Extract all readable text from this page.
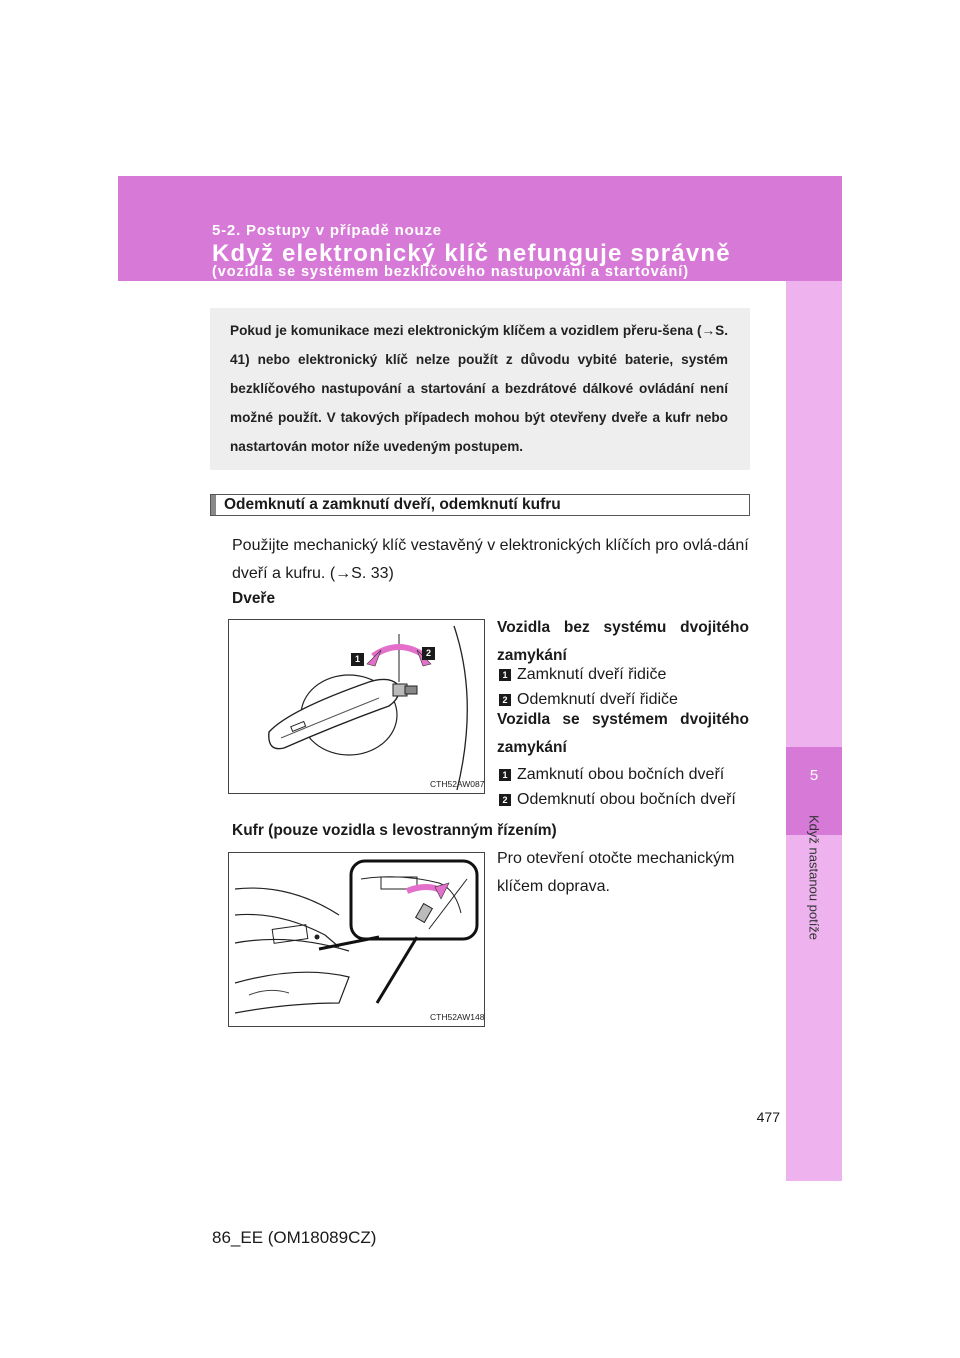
5-2. Postupy v případě nouze
Když elektronický klíč nefunguje správně
(vozidla se systémem bezklíčového nastupování a startování)
5
Když nastanou potíže
Pokud je komunikace mezi elektronickým klíčem a vozidlem přeru-šena (→S. 41) nebo elektronický klíč nelze použít z důvodu vybité baterie, systém bezklíčového nastupování a startování a bezdrátové dálkové ovládání není možné použít. V takových případech mohou být otevřeny dveře a kufr nebo nastartován motor níže uvedeným postupem.
Odemknutí a zamknutí dveří, odemknutí kufru
Použijte mechanický klíč vestavěný v elektronických klíčích pro ovlá-dání dveří a kufru. (→S. 33)
Dveře
1
2
CTH52AW087
Vozidla bez systému dvojitého zamykání
1 Zamknutí dveří řidiče
2 Odemknutí dveří řidiče
Vozidla se systémem dvojitého zamykání
1 Zamknutí obou bočních dveří
2 Odemknutí obou bočních dveří
Kufr (pouze vozidla s levostranným řízením)
CTH52AW148
Pro otevření otočte mechanickým klíčem doprava.
477
86_EE (OM18089CZ)
